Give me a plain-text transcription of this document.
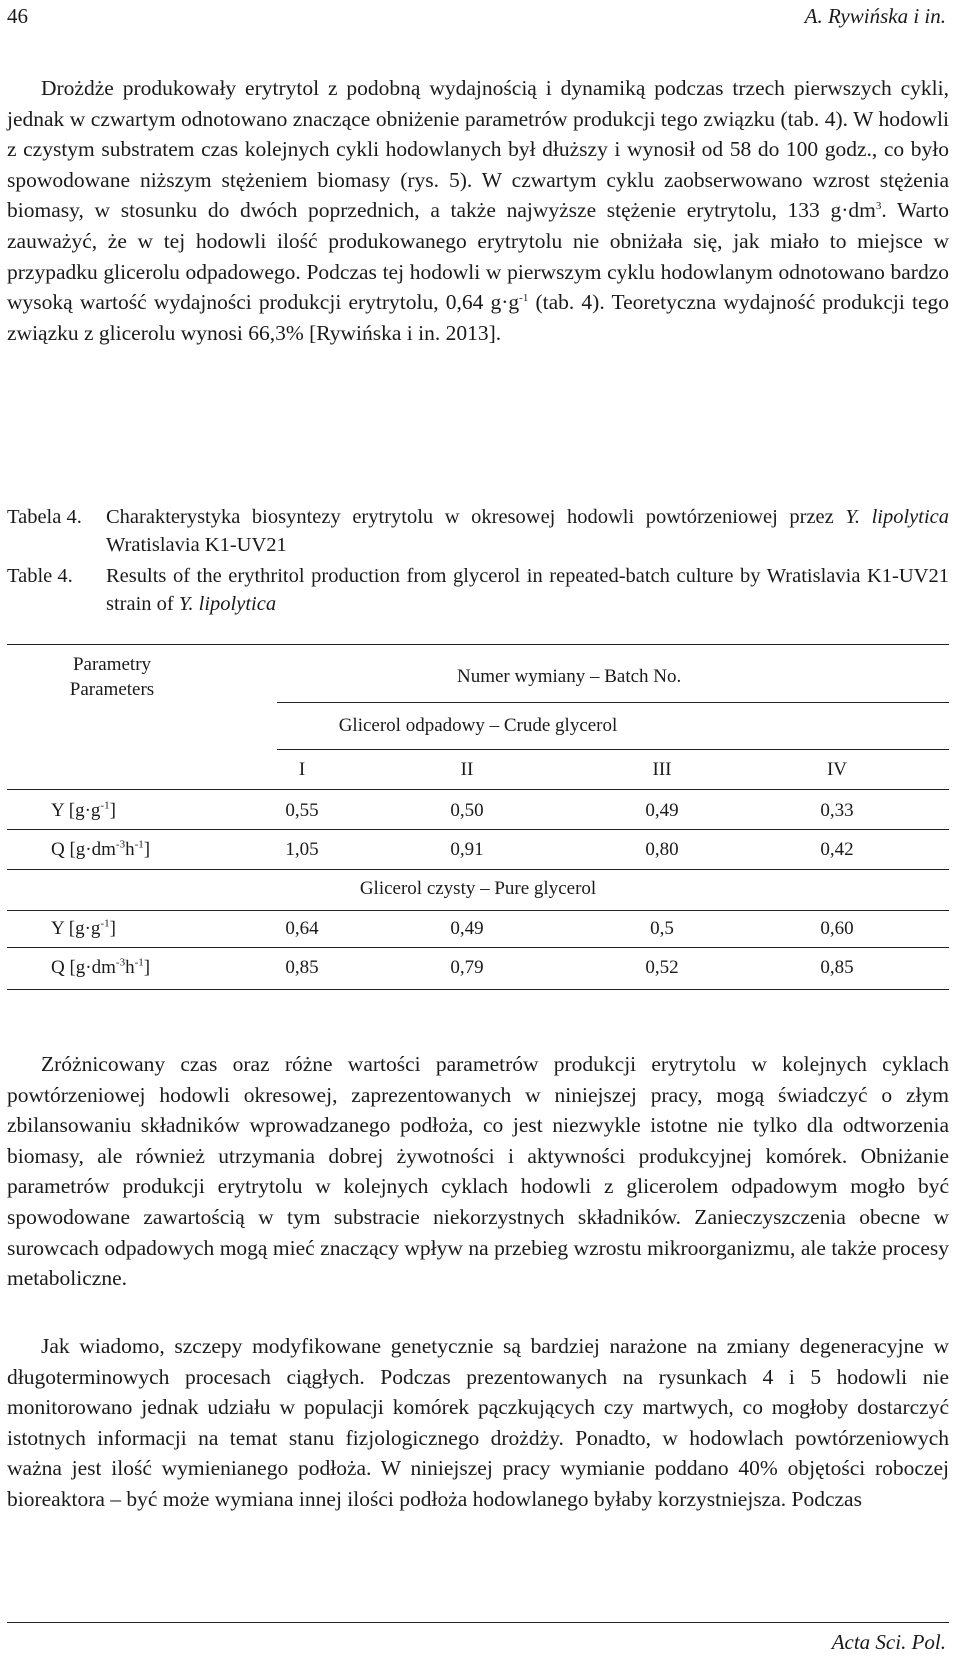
46	A. Rywińska i in.
Drożdże produkowały erytrytol z podobną wydajnością i dynamiką podczas trzech pierwszych cykli, jednak w czwartym odnotowano znaczące obniżenie parametrów produkcji tego związku (tab. 4). W hodowli z czystym substratem czas kolejnych cykli hodowlanych był dłuższy i wynosił od 58 do 100 godz., co było spowodowane niższym stężeniem biomasy (rys. 5). W czwartym cyklu zaobserwowano wzrost stężenia biomasy, w stosunku do dwóch poprzednich, a także najwyższe stężenie erytrytolu, 133 $g\cdot dm^3$. Warto zauważyć, że w tej hodowli ilość produkowanego erytrytolu nie obniżała się, jak miało to miejsce w przypadku glicerolu odpadowego. Podczas tej hodowli w pierwszym cyklu hodowlanym odnotowano bardzo wysoką wartość wydajności produkcji erytrytolu, 0,64 $g\cdot g^{-1}$ (tab. 4). Teoretyczna wydajność produkcji tego związku z glicerolu wynosi 66,3% [Rywińska i in. 2013].
Tabela 4.	Charakterystyka biosyntezy erytrytolu w okresowej hodowli powtórzeniowej przez Y. lipolytica Wratislavia K1-UV21
Table 4.	Results of the erythritol production from glycerol in repeated-batch culture by Wratislavia K1-UV21 strain of Y. lipolytica
Parametry
Parameters
Numer wymiany – Batch No.
Glicerol odpadowy – Crude glycerol
I	II	III	IV
Y $[g\cdot g^{-1}]$	0,55	0,50	0,49	0,33
Q $[g\cdot dm^{-3}h^{-1}]$	1,05	0,91	0,80	0,42
Glicerol czysty – Pure glycerol
Y $[g\cdot g^{-1}]$	0,64	0,49	0,5	0,60
Q $[g\cdot dm^{-3}h^{-1}]$	0,85	0,79	0,52	0,85
Zróżnicowany czas oraz różne wartości parametrów produkcji erytrytolu w kolejnych cyklach powtórzeniowej hodowli okresowej, zaprezentowanych w niniejszej pracy, mogą świadczyć o złym zbilansowaniu składników wprowadzanego podłoża, co jest niezwykle istotne nie tylko dla odtworzenia biomasy, ale również utrzymania dobrej żywotności i aktywności produkcyjnej komórek. Obniżanie parametrów produkcji erytrytolu w kolejnych cyklach hodowli z glicerolem odpadowym mogło być spowodowane zawartością w tym substracie niekorzystnych składników. Zanieczyszczenia obecne w surowcach odpadowych mogą mieć znaczący wpływ na przebieg wzrostu mikroorganizmu, ale także procesy metaboliczne.
Jak wiadomo, szczepy modyfikowane genetycznie są bardziej narażone na zmiany degeneracyjne w długoterminowych procesach ciągłych. Podczas prezentowanych na rysunkach 4 i 5 hodowli nie monitorowano jednak udziału w populacji komórek pączkujących czy martwych, co mogłoby dostarczyć istotnych informacji na temat stanu fizjologicznego drożdży. Ponadto, w hodowlach powtórzeniowych ważna jest ilość wymienianego podłoża. W niniejszej pracy wymianie poddano 40% objętości roboczej bioreaktora – być może wymiana innej ilości podłoża hodowlanego byłaby korzystniejsza. Podczas
Acta Sci. Pol.
